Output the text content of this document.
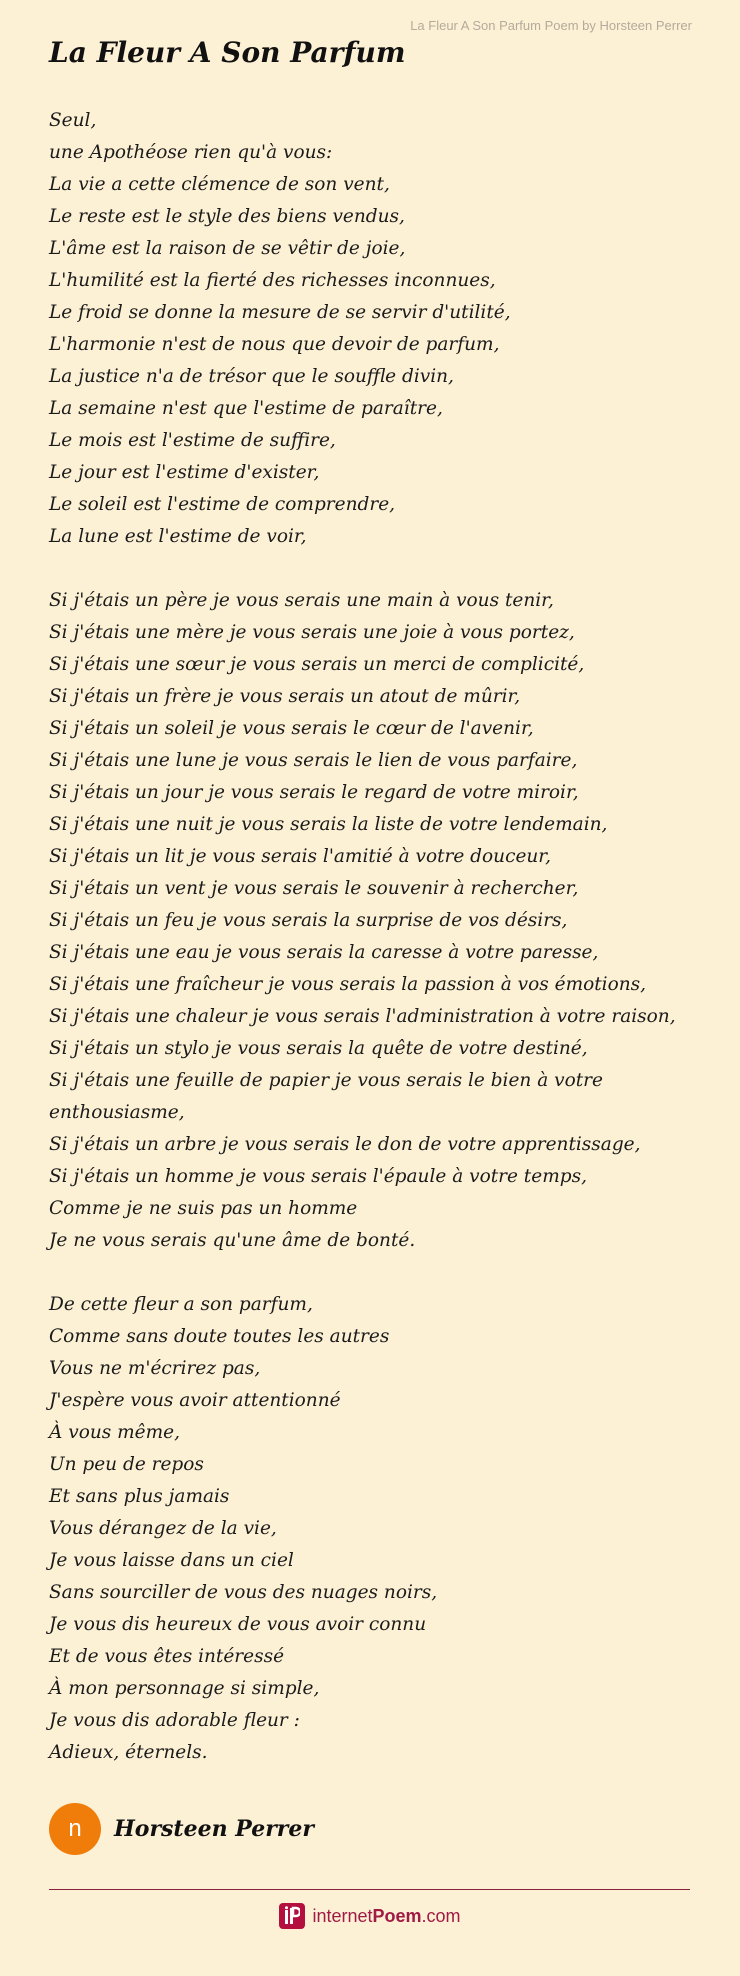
La Fleur A Son Parfum Poem by Horsteen Perrer
La Fleur A Son Parfum
Seul,
une Apothéose rien qu'à vous:
La vie a cette clémence de son vent,
Le reste est le style des biens vendus,
L'âme est la raison de se vêtir de joie,
L'humilité est la fierté des richesses inconnues,
Le froid se donne la mesure de se servir d'utilité,
L'harmonie n'est de nous que devoir de parfum,
La justice n'a de trésor que le souffle divin,
La semaine n'est que l'estime de paraître,
Le mois est l'estime de suffire,
Le jour est l'estime d'exister,
Le soleil est l'estime de comprendre,
La lune est l'estime de voir,
Si j'étais un père je vous serais une main à vous tenir,
Si j'étais une mère je vous serais une joie à vous portez,
Si j'étais une sœur je vous serais un merci de complicité,
Si j'étais un frère je vous serais un atout de mûrir,
Si j'étais un soleil je vous serais le cœur de l'avenir,
Si j'étais une lune je vous serais le lien de vous parfaire,
Si j'étais un jour je vous serais le regard de votre miroir,
Si j'étais une nuit je vous serais la liste de votre lendemain,
Si j'étais un lit je vous serais l'amitié à votre douceur,
Si j'étais un vent je vous serais le souvenir à rechercher,
Si j'étais un feu je vous serais la surprise de vos désirs,
Si j'étais une eau je vous serais la caresse à votre paresse,
Si j'étais une fraîcheur je vous serais la passion à vos émotions,
Si j'étais une chaleur je vous serais l'administration à votre raison,
Si j'étais un stylo je vous serais la quête de votre destiné,
Si j'étais une feuille de papier je vous serais le bien à votre
enthousiasme,
Si j'étais un arbre je vous serais le don de votre apprentissage,
Si j'étais un homme je vous serais l'épaule à votre temps,
Comme je ne suis pas un homme
Je ne vous serais qu'une âme de bonté.
De cette fleur a son parfum,
Comme sans doute toutes les autres
Vous ne m'écrirez pas,
J'espère vous avoir attentionné
À vous même,
Un peu de repos
Et sans plus jamais
Vous dérangez de la vie,
Je vous laisse dans un ciel
Sans sourciller de vous des nuages noirs,
Je vous dis heureux de vous avoir connu
Et de vous êtes intéressé
À mon personnage si simple,
Je vous dis adorable fleur :
Adieux, éternels.
n	Horsteen Perrer
internetPoem.com
